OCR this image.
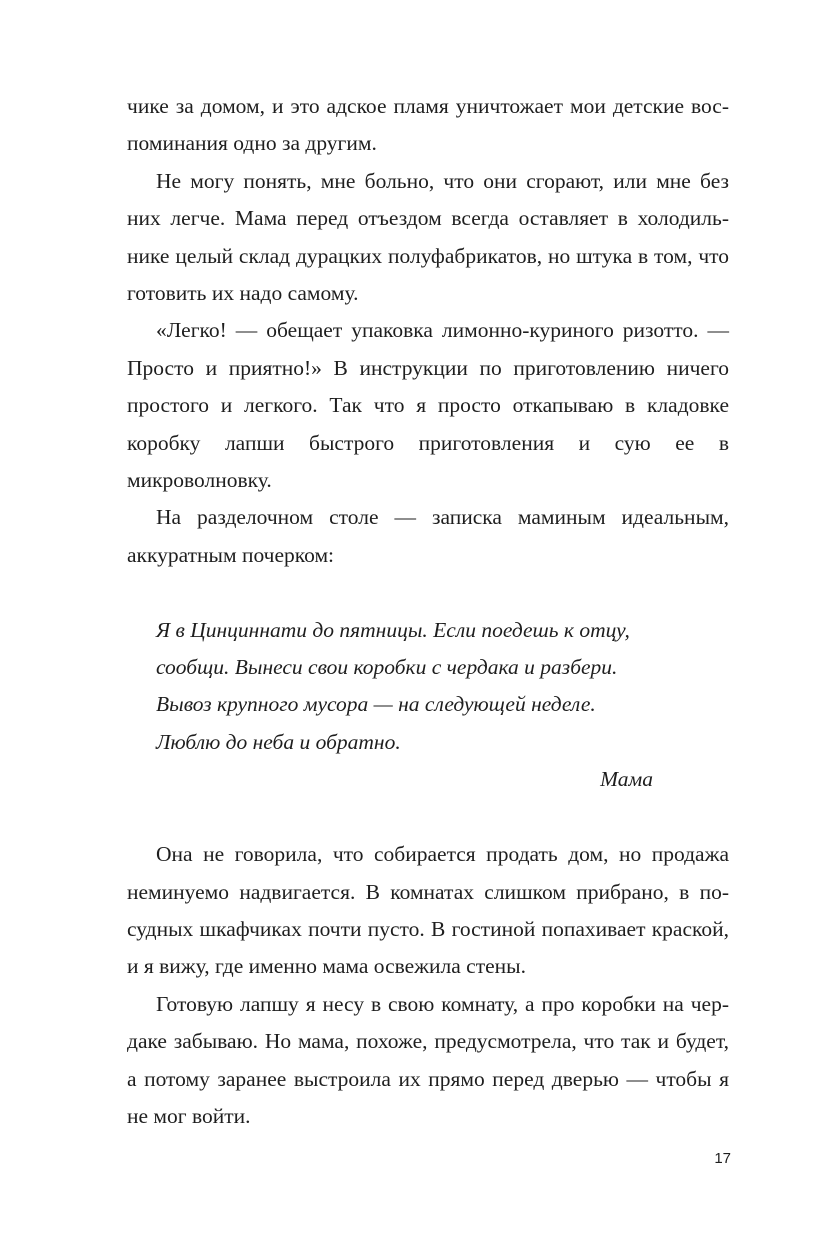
чике за домом, и это адское пламя уничтожает мои детские воспоминания одно за другим.

Не могу понять, мне больно, что они сгорают, или мне без них легче. Мама перед отъездом всегда оставляет в холодильнике целый склад дурацких полуфабрикатов, но штука в том, что готовить их надо самому.

«Легко! — обещает упаковка лимонно-куриного ризотто. — Просто и приятно!» В инструкции по приготовлению ничего простого и легкого. Так что я просто откапываю в кладовке коробку лапши быстрого приготовления и сую ее в микроволновку.

На разделочном столе — записка маминым идеальным, аккуратным почерком:

Я в Цинциннати до пятницы. Если поедешь к отцу,
сообщи. Вынеси свои коробки с чердака и разбери.
Вывоз крупного мусора — на следующей неделе.
Люблю до неба и обратно.
Мама

Она не говорила, что собирается продать дом, но продажа неминуемо надвигается. В комнатах слишком прибрано, в посудных шкафчиках почти пусто. В гостиной попахивает краской, и я вижу, где именно мама освежила стены.

Готовую лапшу я несу в свою комнату, а про коробки на чердаке забываю. Но мама, похоже, предусмотрела, что так и будет, а потому заранее выстроила их прямо перед дверью — чтобы я не мог войти.

17
